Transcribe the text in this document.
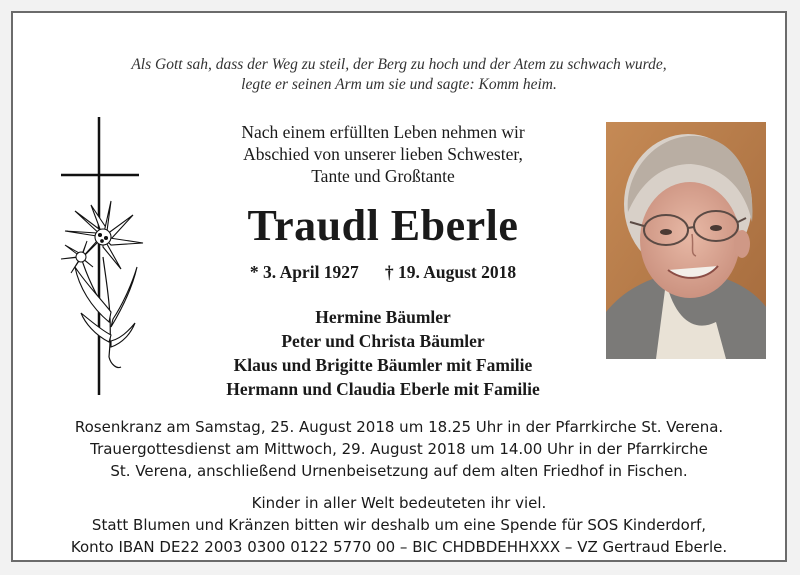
Als Gott sah, dass der Weg zu steil, der Berg zu hoch und der Atem zu schwach wurde,
legte er seinen Arm um sie und sagte: Komm heim.
Nach einem erfüllten Leben nehmen wir
Abschied von unserer lieben Schwester,
Tante und Großtante
Traudl Eberle
* 3. April 1927 † 19. August 2018
Hermine Bäumler
Peter und Christa Bäumler
Klaus und Brigitte Bäumler mit Familie
Hermann und Claudia Eberle mit Familie
Rosenkranz am Samstag, 25. August 2018 um 18.25 Uhr in der Pfarrkirche St. Verena.
Trauergottesdienst am Mittwoch, 29. August 2018 um 14.00 Uhr in der Pfarrkirche
St. Verena, anschließend Urnenbeisetzung auf dem alten Friedhof in Fischen.
Kinder in aller Welt bedeuteten ihr viel.
Statt Blumen und Kränzen bitten wir deshalb um eine Spende für SOS Kinderdorf,
Konto IBAN DE22 2003 0300 0122 5770 00 – BIC CHDBDEHHXXX – VZ Gertraud Eberle.
